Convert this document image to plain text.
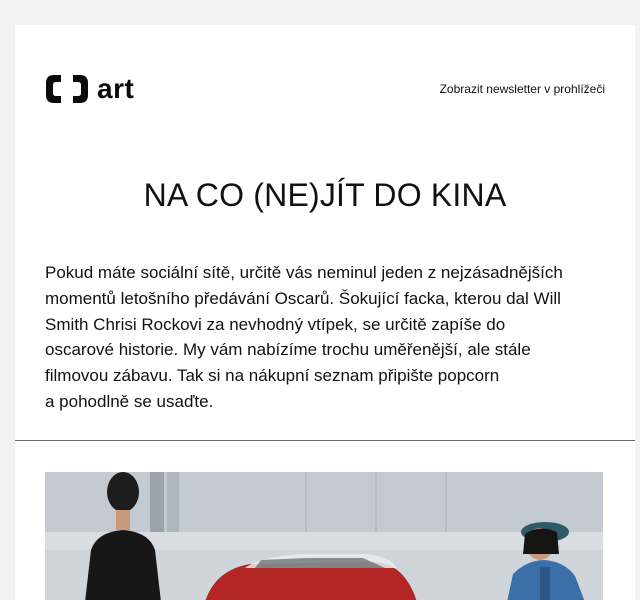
art	Zobrazit newsletter v prohlížeči
NA CO (NE)JÍT DO KINA

Pokud máte sociální sítě, určitě vás neminul jeden z nejzásadnějších
momentů letošního předávání Oscarů. Šokující facka, kterou dal Will
Smith Chrisi Rockovi za nevhodný vtípek, se určitě zapíše do
oscarové historie. My vám nabízíme trochu uměřenější, ale stále
filmovou zábavu. Tak si na nákupní seznam připište popcorn
a pohodlně se usaďte.
